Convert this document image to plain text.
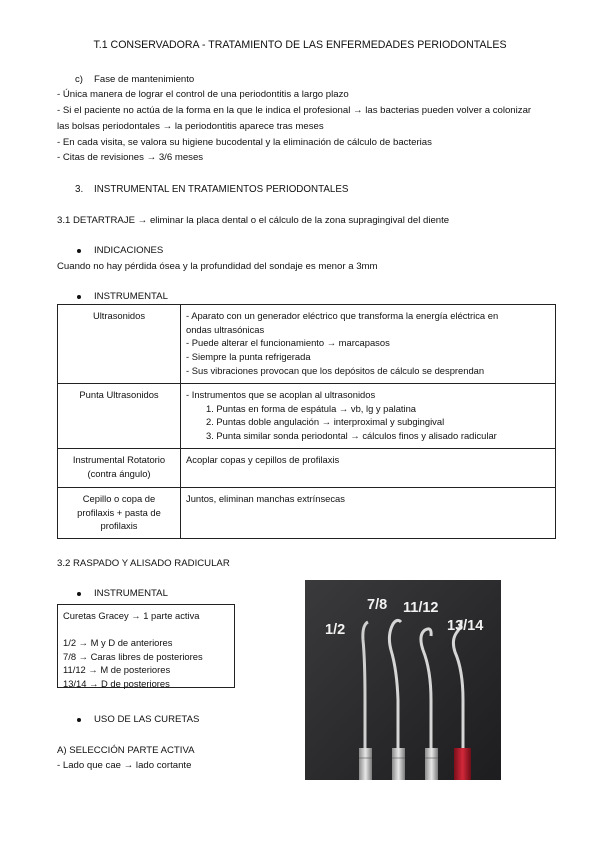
T.1 CONSERVADORA - TRATAMIENTO DE LAS ENFERMEDADES PERIODONTALES
c) Fase de mantenimiento
- Única manera de lograr el control de una periodontitis a largo plazo
- Si el paciente no actúa de la forma en la que le indica el profesional → las bacterias pueden volver a colonizar
las bolsas periodontales → la periodontitis aparece tras meses
- En cada visita, se valora su higiene bucodental y la eliminación de cálculo de bacterias
- Citas de revisiones → 3/6 meses
3. INSTRUMENTAL EN TRATAMIENTOS PERIODONTALES
3.1 DETARTRAJE → eliminar la placa dental o el cálculo de la zona supragingival del diente
INDICACIONES
Cuando no hay pérdida ósea y la profundidad del sondaje es menor a 3mm
INSTRUMENTAL
Ultrasonidos	- Aparato con un generador eléctrico que transforma la energía eléctrica en
ondas ultrasónicas
- Puede alterar el funcionamiento → marcapasos
- Siempre la punta refrigerada
- Sus vibraciones provocan que los depósitos de cálculo se desprendan

Punta Ultrasonidos	- Instrumentos que se acoplan al ultrasonidos
1. Puntas en forma de espátula → vb, lg y palatina
2. Puntas doble angulación → interproximal y subgingival
3. Punta similar sonda periodontal → cálculos finos y alisado radicular

Instrumental Rotatorio
(contra ángulo)	Acoplar copas y cepillos de profilaxis

Cepillo o copa de
profilaxis + pasta de
profilaxis	Juntos, eliminan manchas extrínsecas
3.2 RASPADO Y ALISADO RADICULAR
INSTRUMENTAL
Curetas Gracey → 1 parte activa
1/2 → M y D de anteriores
7/8 → Caras libres de posteriores
11/12 → M de posteriores
13/14 → D de posteriores
USO DE LAS CURETAS
A) SELECCIÓN PARTE ACTIVA
- Lado que cae → lado cortante
1/2
7/8 11/12
13/14
